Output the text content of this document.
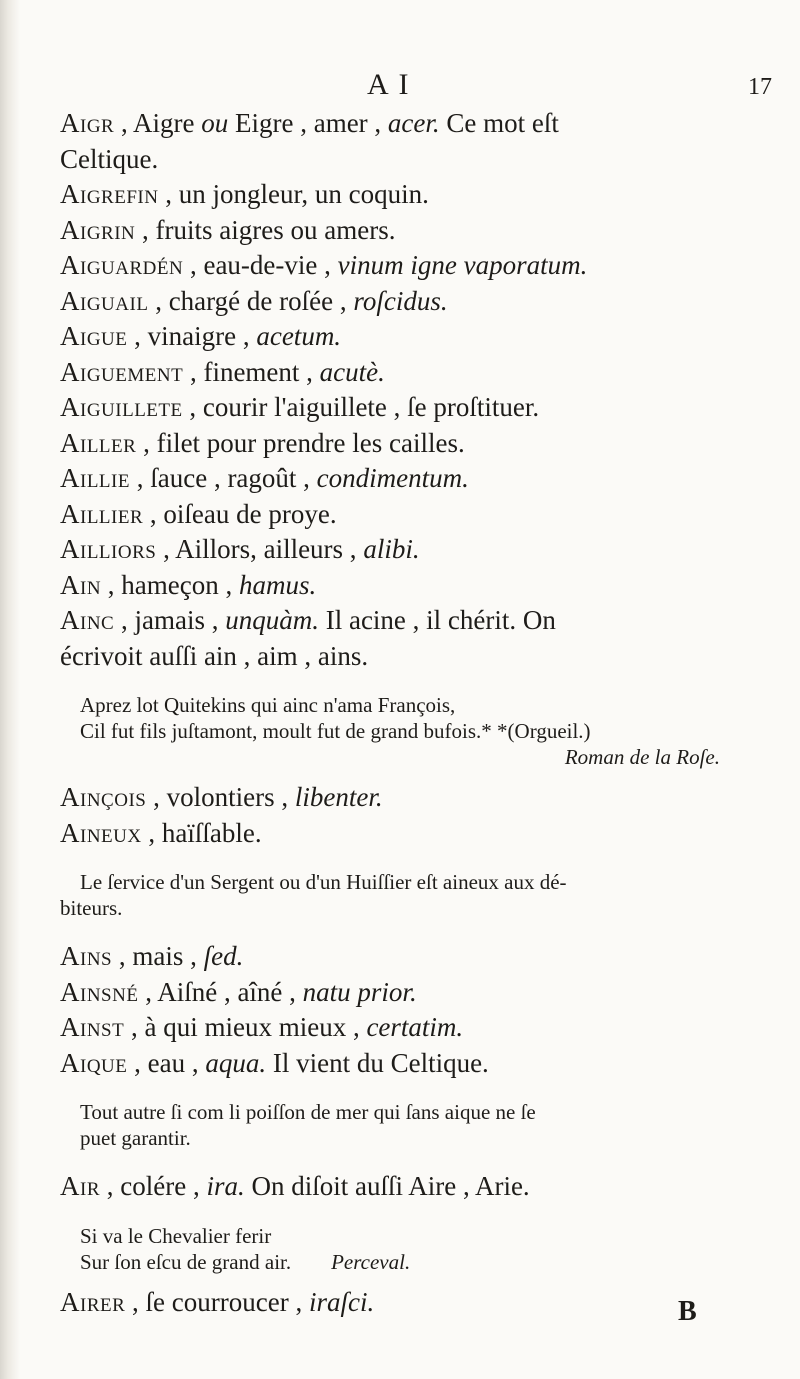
A I	17

Aigr , Aigre ou Eigre , amer , acer. Ce mot eſt

Celtique.

Aigrefin , un jongleur, un coquin.

Aigrin , fruits aigres ou amers.

Aiguardén , eau-de-vie , vinum igne vaporatum.

Aiguail , chargé de roſée , roſcidus.

Aigue , vinaigre , acetum.

Aiguement , finement , acutè.

Aiguillete , courir l'aiguillete , ſe proſtituer.

Ailler , filet pour prendre les cailles.

Aillie , ſauce , ragoût , condimentum.

Aillier , oiſeau de proye.

Ailliors , Aillors, ailleurs , alibi.

Ain , hameçon , hamus.

Ainc , jamais , unquàm. Il acine , il chérit. On

écrivoit auſſi ain , aim , ains.

Aprez lot Quitekins qui ainc n'ama François,

Cil fut fils juſtamont, moult fut de grand bufois.* *(Orgueil.)

Roman de la Roſe.

Ainçois , volontiers , libenter.

Aineux , haïſſable.

Le ſervice d'un Sergent ou d'un Huiſſier eſt aineux aux dé-

biteurs.

Ains , mais , ſed.

Ainsné , Aiſné , aîné , natu prior.

Ainst , à qui mieux mieux , certatim.

Aique , eau , aqua. Il vient du Celtique.

Tout autre ſi com li poiſſon de mer qui ſans aique ne ſe

puet garantir.

Air , colére , ira. On diſoit auſſi Aire , Arie.

Si va le Chevalier ferir

Sur ſon eſcu de grand air. Perceval.

Airer , ſe courroucer , iraſci.	B
